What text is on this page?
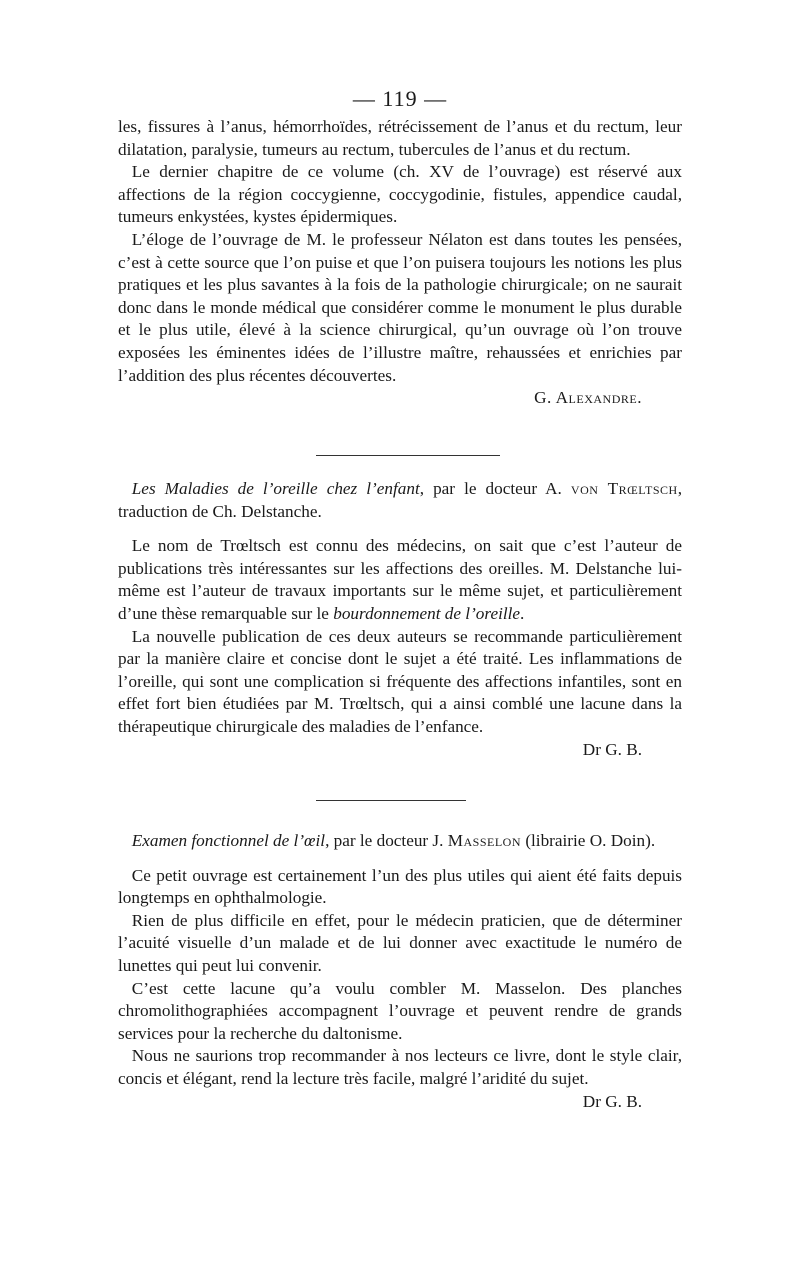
— 119 —

les, fissures à l’anus, hémorrhoïdes, rétrécissement de l’anus et du rectum, leur dilatation, paralysie, tumeurs au rectum, tubercules de l’anus et du rectum.

Le dernier chapitre de ce volume (ch. XV de l’ouvrage) est réservé aux affections de la région coccygienne, coccygodinie, fistules, appendice caudal, tumeurs enkystées, kystes épidermiques.

L’éloge de l’ouvrage de M. le professeur Nélaton est dans toutes les pensées, c’est à cette source que l’on puise et que l’on puisera toujours les notions les plus pratiques et les plus savantes à la fois de la pathologie chirurgicale; on ne saurait donc dans le monde médical que considérer comme le monument le plus durable et le plus utile, élevé à la science chirurgical, qu’un ouvrage où l’on trouve exposées les éminentes idées de l’illustre maître, rehaussées et enrichies par l’addition des plus récentes découvertes.

G. Alexandre.

Les Maladies de l’oreille chez l’enfant, par le docteur A. von Trœltsch, traduction de Ch. Delstanche.

Le nom de Trœltsch est connu des médecins, on sait que c’est l’auteur de publications très intéressantes sur les affections des oreilles. M. Delstanche lui-même est l’auteur de travaux importants sur le même sujet, et particulièrement d’une thèse remarquable sur le bourdonnement de l’oreille.

La nouvelle publication de ces deux auteurs se recommande particulièrement par la manière claire et concise dont le sujet a été traité. Les inflammations de l’oreille, qui sont une complication si fréquente des affections infantiles, sont en effet fort bien étudiées par M. Trœltsch, qui a ainsi comblé une lacune dans la thérapeutique chirurgicale des maladies de l’enfance.

Dr G. B.

Examen fonctionnel de l’œil, par le docteur J. Masselon (librairie O. Doin).

Ce petit ouvrage est certainement l’un des plus utiles qui aient été faits depuis longtemps en ophthalmologie.

Rien de plus difficile en effet, pour le médecin praticien, que de déterminer l’acuité visuelle d’un malade et de lui donner avec exactitude le numéro de lunettes qui peut lui convenir.

C’est cette lacune qu’a voulu combler M. Masselon. Des planches chromolithographiées accompagnent l’ouvrage et peuvent rendre de grands services pour la recherche du daltonisme.

Nous ne saurions trop recommander à nos lecteurs ce livre, dont le style clair, concis et élégant, rend la lecture très facile, malgré l’aridité du sujet.

Dr G. B.
